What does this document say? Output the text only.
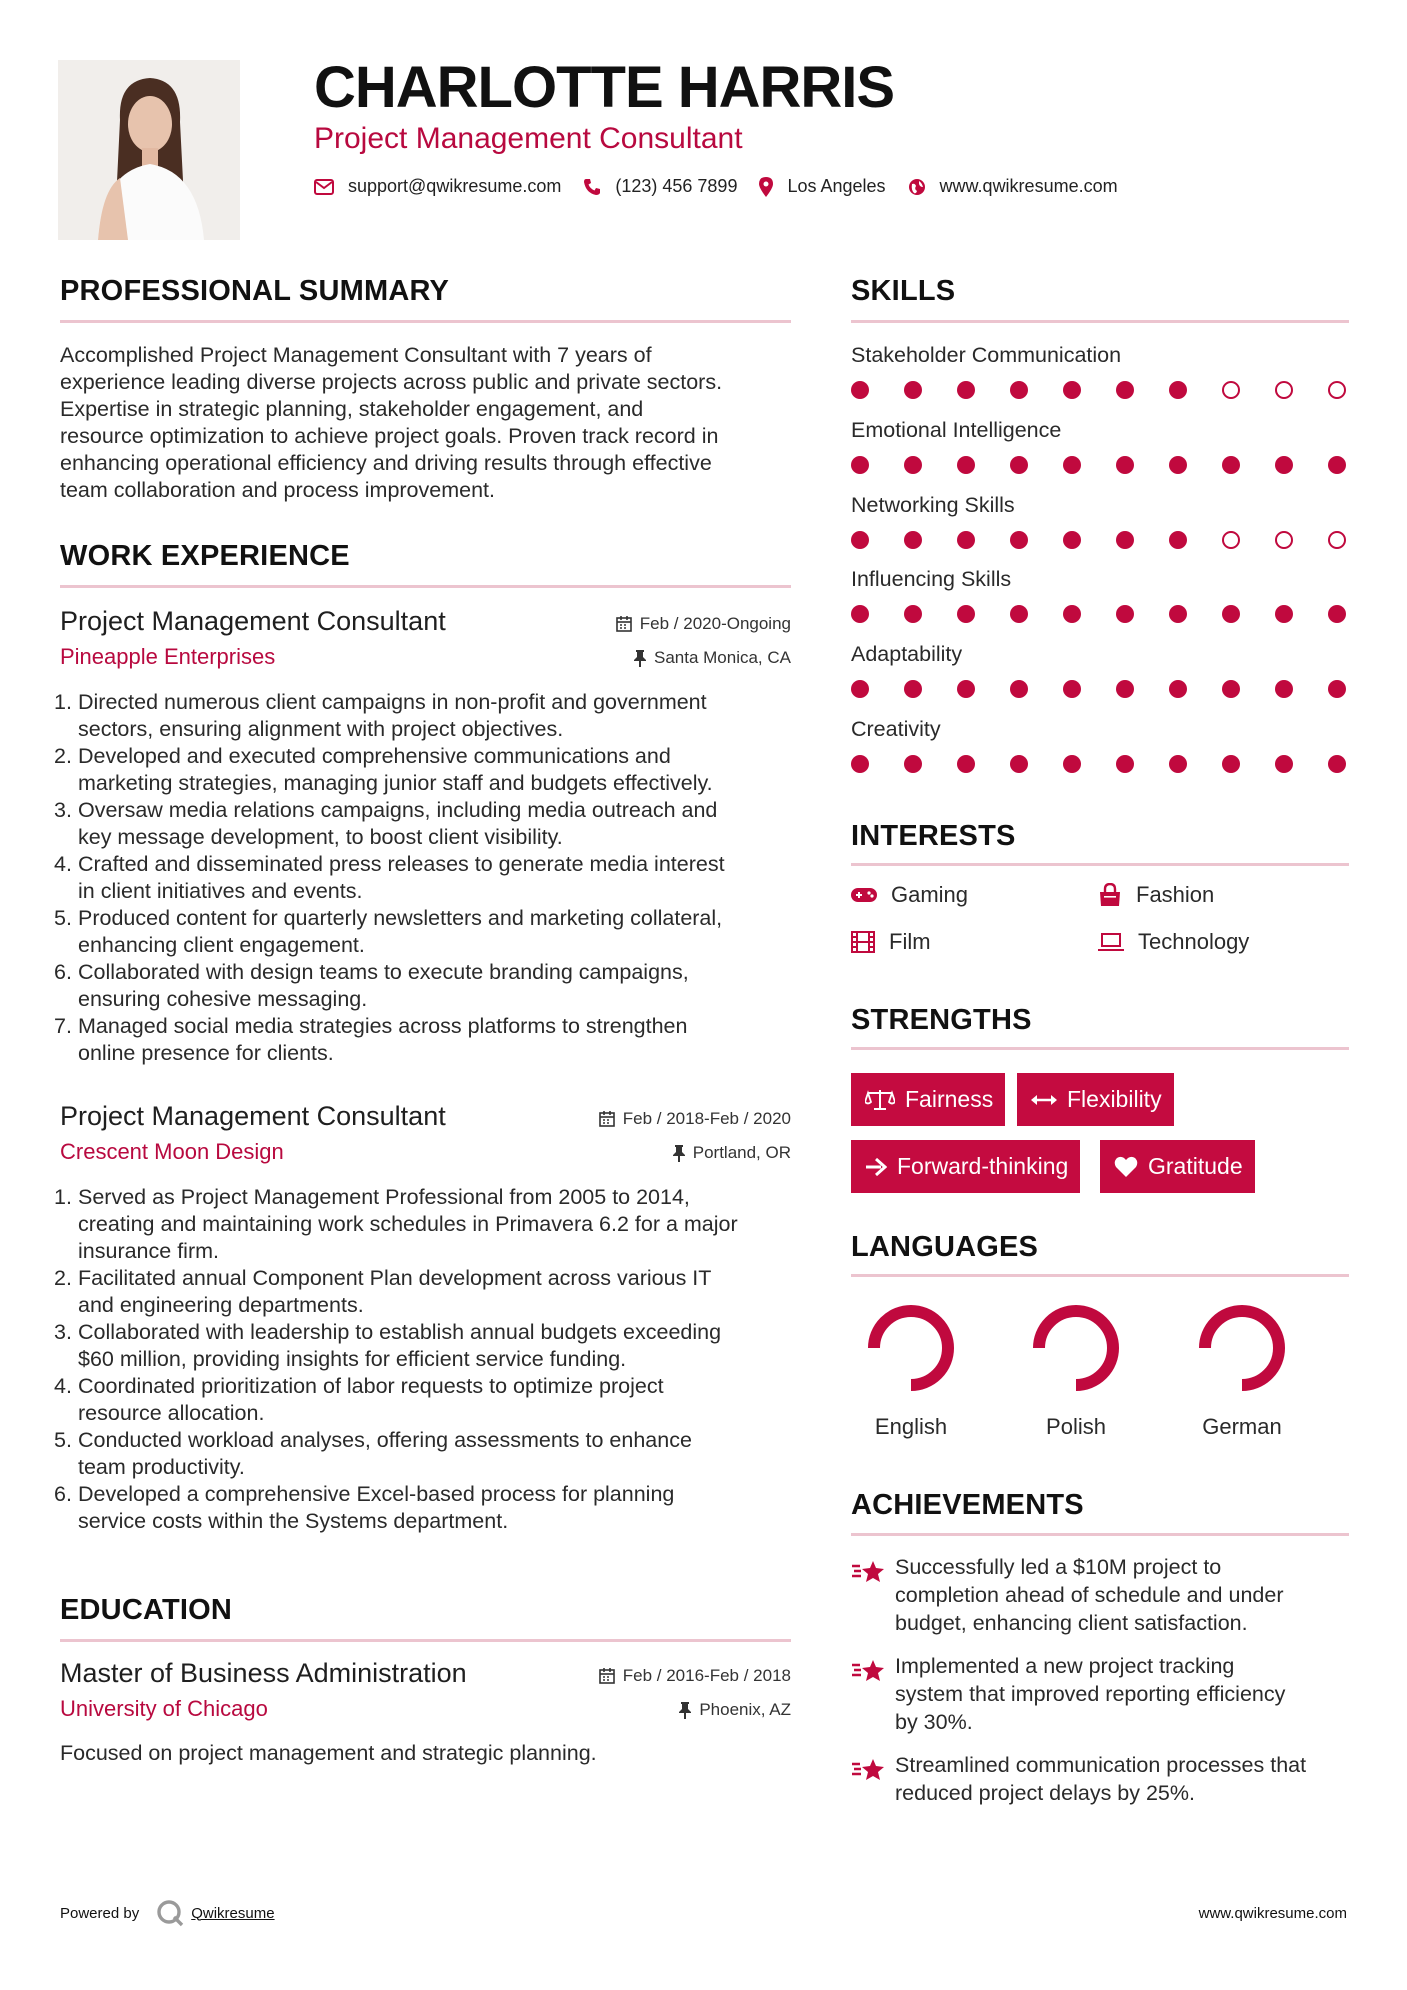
CHARLOTTE HARRIS
Project Management Consultant
support@qwikresume.com	(123) 456 7899	Los Angeles	www.qwikresume.com
PROFESSIONAL SUMMARY
Accomplished Project Management Consultant with 7 years of
experience leading diverse projects across public and private sectors.
Expertise in strategic planning, stakeholder engagement, and
resource optimization to achieve project goals. Proven track record in
enhancing operational efficiency and driving results through effective
team collaboration and process improvement.
WORK EXPERIENCE
Project Management Consultant	Feb / 2020-Ongoing
Pineapple Enterprises	Santa Monica, CA
1. Directed numerous client campaigns in non-profit and government
sectors, ensuring alignment with project objectives.
2. Developed and executed comprehensive communications and
marketing strategies, managing junior staff and budgets effectively.
3. Oversaw media relations campaigns, including media outreach and
key message development, to boost client visibility.
4. Crafted and disseminated press releases to generate media interest
in client initiatives and events.
5. Produced content for quarterly newsletters and marketing collateral,
enhancing client engagement.
6. Collaborated with design teams to execute branding campaigns,
ensuring cohesive messaging.
7. Managed social media strategies across platforms to strengthen
online presence for clients.
Project Management Consultant	Feb / 2018-Feb / 2020
Crescent Moon Design	Portland, OR
1. Served as Project Management Professional from 2005 to 2014,
creating and maintaining work schedules in Primavera 6.2 for a major
insurance firm.
2. Facilitated annual Component Plan development across various IT
and engineering departments.
3. Collaborated with leadership to establish annual budgets exceeding
$60 million, providing insights for efficient service funding.
4. Coordinated prioritization of labor requests to optimize project
resource allocation.
5. Conducted workload analyses, offering assessments to enhance
team productivity.
6. Developed a comprehensive Excel-based process for planning
service costs within the Systems department.
EDUCATION
Master of Business Administration	Feb / 2016-Feb / 2018
University of Chicago	Phoenix, AZ
Focused on project management and strategic planning.
SKILLS
Stakeholder Communication
Emotional Intelligence
Networking Skills
Influencing Skills
Adaptability
Creativity
INTERESTS
Gaming	Fashion
Film	Technology
STRENGTHS
Fairness	Flexibility
Forward-thinking	Gratitude
LANGUAGES
English	Polish	German
ACHIEVEMENTS
Successfully led a $10M project to
completion ahead of schedule and under
budget, enhancing client satisfaction.
Implemented a new project tracking
system that improved reporting efficiency
by 30%.
Streamlined communication processes that
reduced project delays by 25%.
Powered by	Qwikresume	www.qwikresume.com
